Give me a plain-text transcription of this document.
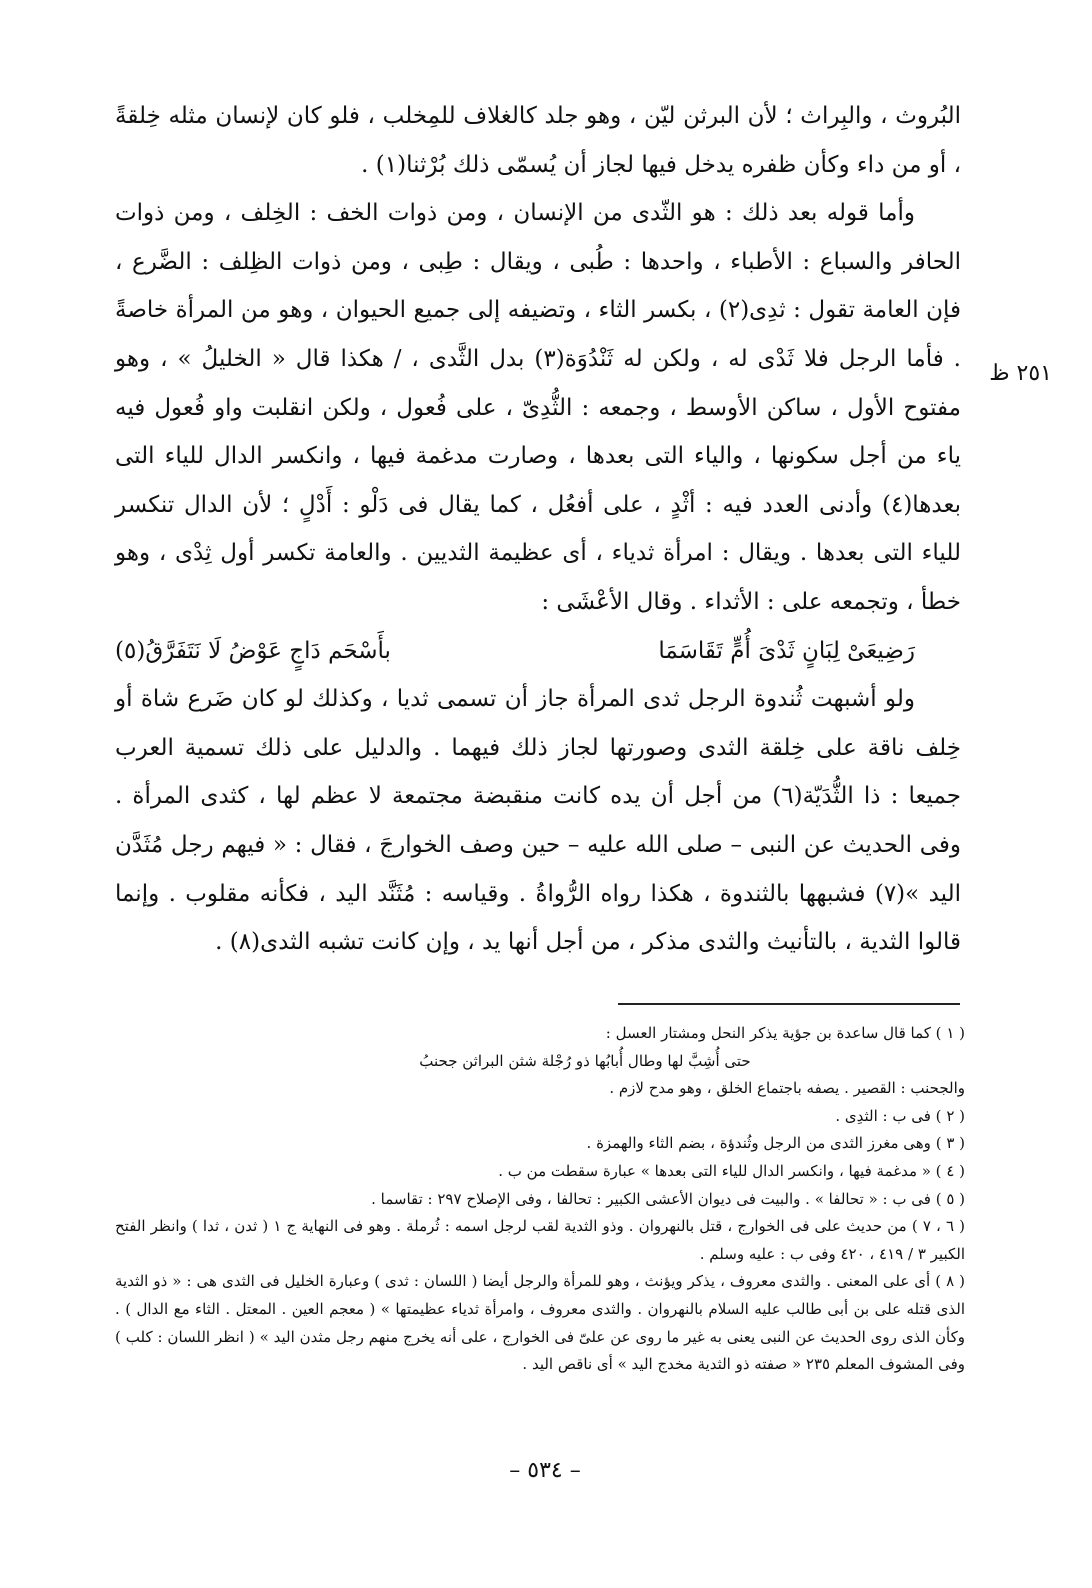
٢٥١ ظ

البُروث ، والبِراث ؛ لأن البرثن ليّن ، وهو جلد كالغلاف للمِخلب ، فلو كان لإنسان مثله خِلقةً ، أو من داء وكأن ظفره يدخل فيها لجاز أن يُسمّى ذلك بُرْثنا(١) .

وأما قوله بعد ذلك : هو الثّدى من الإنسان ، ومن ذوات الخف : الخِلف ، ومن ذوات الحافر والسباع : الأطباء ، واحدها : طُبى ، ويقال : طِبى ، ومن ذوات الظِلف : الضَّرع ، فإن العامة تقول : ثدِى(٢) ، بكسر الثاء ، وتضيفه إلى جميع الحيوان ، وهو من المرأة خاصةً . فأما الرجل فلا ثَدْى له ، ولكن له ثَنْدُوَة(٣) بدل الثَّدى ، / هكذا قال « الخليلُ » ، وهو مفتوح الأول ، ساكن الأوسط ، وجمعه : الثُّدِىّ ، على فُعول ، ولكن انقلبت واو فُعول فيه ياء من أجل سكونها ، والياء التى بعدها ، وصارت مدغمة فيها ، وانكسر الدال للياء التى بعدها(٤) وأدنى العدد فيه : أثْدٍ ، على أفعُل ، كما يقال فى دَلْو : أَدْلٍ ؛ لأن الدال تنكسر للياء التى بعدها . ويقال : امرأة ثدياء ، أى عظيمة الثديين . والعامة تكسر أول ثِدْى ، وهو خطأ ، وتجمعه على : الأثداء . وقال الأعْشَى :

رَضِيعَىْ لِبَانٍ ثَدْىَ أُمٍّ تَقَاسَمَا
بأَسْحَم دَاجٍ عَوْضُ لَا نَتَفَرَّقُ(٥)

ولو أشبهت ثُندوة الرجل ثدى المرأة جاز أن تسمى ثديا ، وكذلك لو كان ضَرع شاة أو خِلف ناقة على خِلقة الثدى وصورتها لجاز ذلك فيهما . والدليل على ذلك تسمية العرب جميعا : ذا الثُّدَيّة(٦) من أجل أن يده كانت منقبضة مجتمعة لا عظم لها ، كثدى المرأة . وفى الحديث عن النبى – صلى الله عليه – حين وصف الخوارجَ ، فقال : « فيهم رجل مُثَدَّن اليد »(٧) فشبهها بالثندوة ، هكذا رواه الرُّواةُ . وقياسه : مُثَنَّد اليد ، فكأنه مقلوب . وإنما قالوا الثدية ، بالتأنيث والثدى مذكر ، من أجل أنها يد ، وإن كانت تشبه الثدى(٨) .

( ١ ) كما قال ساعدة بن جؤية يذكر النحل ومشتار العسل :

حتى أُشِبَّ لها وطال أُبابُها ذو رُجْلة شثن البراثن جحنبُ

والجحنب : القصير . يصفه باجتماع الخلق ، وهو مدح لازم .

( ٢ ) فى ب : الثدِى .

( ٣ ) وهى مغرز الثدى من الرجل وثُندؤة ، بضم الثاء والهمزة .

( ٤ ) « مدغمة فيها ، وانكسر الدال للياء التى بعدها » عبارة سقطت من ب .

( ٥ ) فى ب : « تحالفا » . والبيت فى ديوان الأعشى الكبير : تحالفا ، وفى الإصلاح ٢٩٧ : تقاسما .

( ٦ ، ٧ ) من حديث على فى الخوارج ، قتل بالنهروان . وذو الثدية لقب لرجل اسمه : ثُرملة . وهو فى النهاية ج ١ ( ثدن ، ثدا ) وانظر الفتح الكبير ٣ / ٤١٩ ، ٤٢٠ وفى ب : عليه وسلم .

( ٨ ) أى على المعنى . والثدى معروف ، يذكر ويؤنث ، وهو للمرأة والرجل أيضا ( اللسان : ثدى ) وعبارة الخليل فى الثدى هى : « ذو الثدية الذى قتله على بن أبى طالب عليه السلام بالنهروان . والثدى معروف ، وامرأة ثدياء عظيمتها » ( معجم العين . المعتل . الثاء مع الدال ) . وكأن الذى روى الحديث عن النبى يعنى به غير ما روى عن علىّ فى الخوارج ، على أنه يخرج منهم رجل مثدن اليد » ( انظر اللسان : كلب ) وفى المشوف المعلم ٢٣٥ « صفته ذو الثدية مخدج اليد » أى ناقص اليد .

– ٥٣٤ –
